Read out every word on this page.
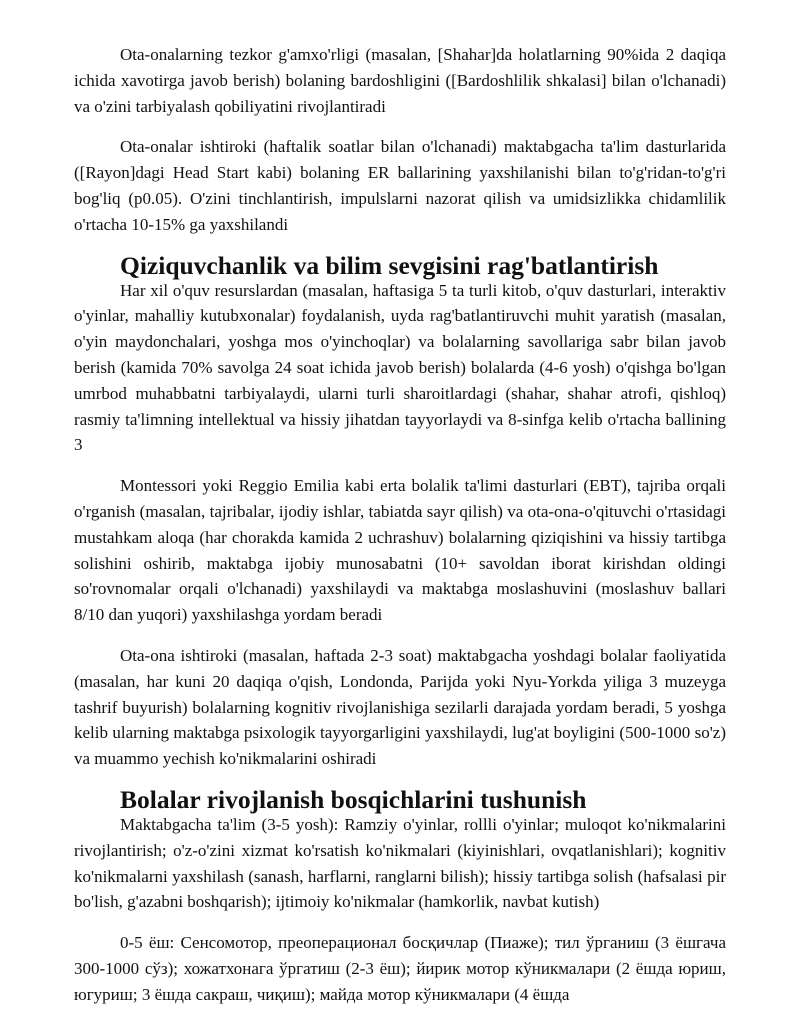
Ota-onalarning tezkor g'amxo'rligi (masalan, [Shahar]da holatlarning 90%ida 2 daqiqa ichida xavotirga javob berish) bolaning bardoshligini ([Bardoshlilik shkalasi] bilan o'lchanadi) va o'zini tarbiyalash qobiliyatini rivojlantiradi

Ota-onalar ishtiroki (haftalik soatlar bilan o'lchanadi) maktabgacha ta'lim dasturlarida ([Rayon]dagi Head Start kabi) bolaning ER ballarining yaxshilanishi bilan to'g'ridan-to'g'ri bog'liq (p0.05). O'zini tinchlantirish, impulslarni nazorat qilish va umidsizlikka chidamlilik o'rtacha 10-15% ga yaxshilandi

Qiziquvchanlik va bilim sevgisini rag'batlantirish

Har xil o'quv resurslardan (masalan, haftasiga 5 ta turli kitob, o'quv dasturlari, interaktiv o'yinlar, mahalliy kutubxonalar) foydalanish, uyda rag'batlantiruvchi muhit yaratish (masalan, o'yin maydonchalari, yoshga mos o'yinchoqlar) va bolalarning savollariga sabr bilan javob berish (kamida 70% savolga 24 soat ichida javob berish) bolalarda (4-6 yosh) o'qishga bo'lgan umrbod muhabbatni tarbiyalaydi, ularni turli sharoitlardagi (shahar, shahar atrofi, qishloq) rasmiy ta'limning intellektual va hissiy jihatdan tayyorlaydi va 8-sinfga kelib o'rtacha ballining 3

Montessori yoki Reggio Emilia kabi erta bolalik ta'limi dasturlari (EBT), tajriba orqali o'rganish (masalan, tajribalar, ijodiy ishlar, tabiatda sayr qilish) va ota-ona-o'qituvchi o'rtasidagi mustahkam aloqa (har chorakda kamida 2 uchrashuv) bolalarning qiziqishini va hissiy tartibga solishini oshirib, maktabga ijobiy munosabatni (10+ savoldan iborat kirishdan oldingi so'rovnomalar orqali o'lchanadi) yaxshilaydi va maktabga moslashuvini (moslashuv ballari 8/10 dan yuqori) yaxshilashga yordam beradi

Ota-ona ishtiroki (masalan, haftada 2-3 soat) maktabgacha yoshdagi bolalar faoliyatida (masalan, har kuni 20 daqiqa o'qish, Londonda, Parijda yoki Nyu-Yorkda yiliga 3 muzeyga tashrif buyurish) bolalarning kognitiv rivojlanishiga sezilarli darajada yordam beradi, 5 yoshga kelib ularning maktabga psixologik tayyorgarligini yaxshilaydi, lug'at boyligini (500-1000 so'z) va muammo yechish ko'nikmalarini oshiradi

Bolalar rivojlanish bosqichlarini tushunish

Maktabgacha ta'lim (3-5 yosh): Ramziy o'yinlar, rollli o'yinlar; muloqot ko'nikmalarini rivojlantirish; o'z-o'zini xizmat ko'rsatish ko'nikmalari (kiyinishlari, ovqatlanishlari); kognitiv ko'nikmalarni yaxshilash (sanash, harflarni, ranglarni bilish); hissiy tartibga solish (hafsalasi pir bo'lish, g'azabni boshqarish); ijtimoiy ko'nikmalar (hamkorlik, navbat kutish)

0-5 ёш: Сенсомотор, преоперационал босқичлар (Пиаже); тил ўрганиш (3 ёшгача 300-1000 сўз); хожатхонага ўргатиш (2-3 ёш); йирик мотор кўникмалари (2 ёшда юриш, югуриш; 3 ёшда сакраш, чиқиш); майда мотор кўникмалари (4 ёшда
